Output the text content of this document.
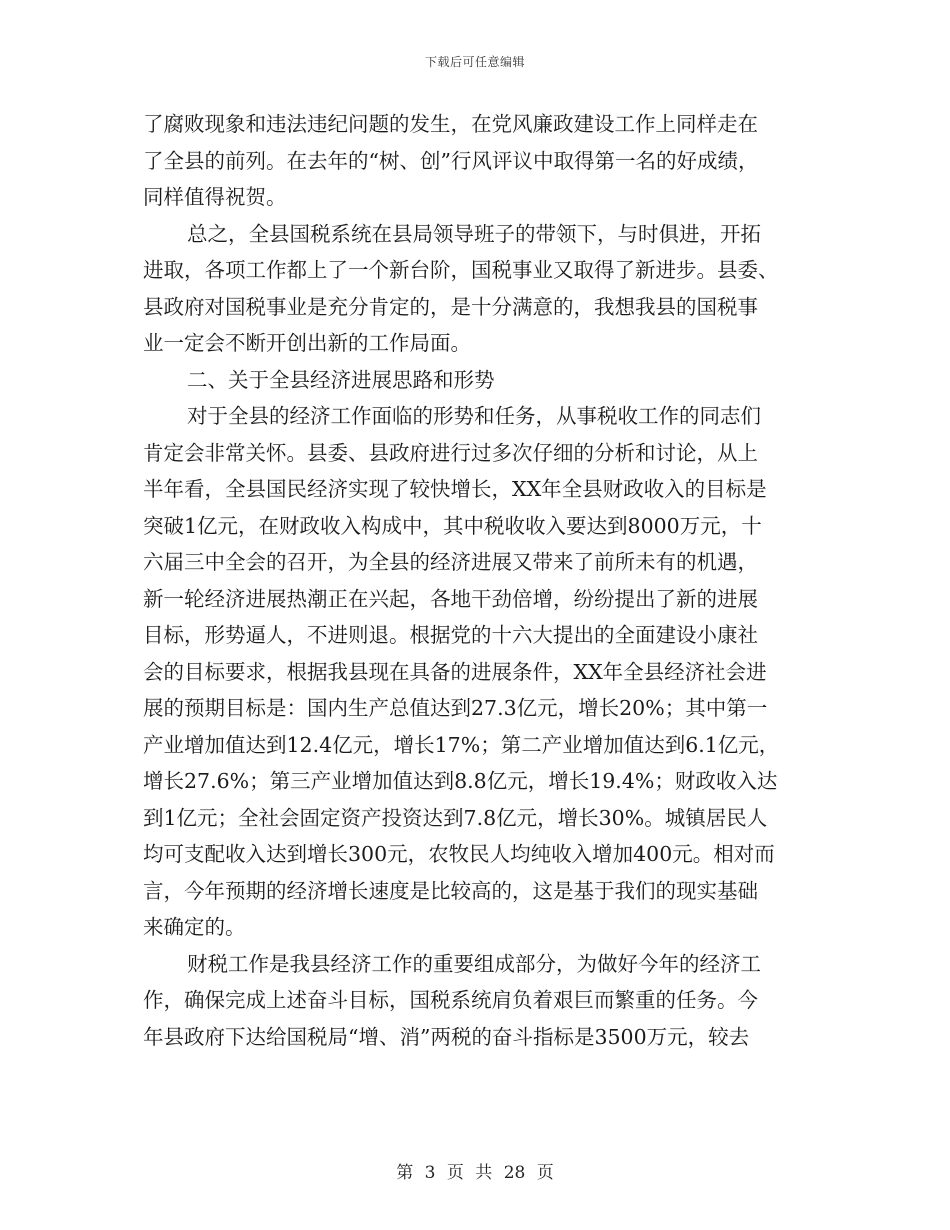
下载后可任意编辑
了腐败现象和违法违纪问题的发生，在党风廉政建设工作上同样走在
了全县的前列。在去年的“树、创”行风评议中取得第一名的好成绩，
同样值得祝贺。
总之，全县国税系统在县局领导班子的带领下，与时俱进，开拓
进取，各项工作都上了一个新台阶，国税事业又取得了新进步。县委、
县政府对国税事业是充分肯定的，是十分满意的，我想我县的国税事
业一定会不断开创出新的工作局面。
二、关于全县经济进展思路和形势
对于全县的经济工作面临的形势和任务，从事税收工作的同志们
肯定会非常关怀。县委、县政府进行过多次仔细的分析和讨论，从上
半年看，全县国民经济实现了较快增长，XX年全县财政收入的目标是
突破1亿元，在财政收入构成中，其中税收收入要达到8000万元，十
六届三中全会的召开，为全县的经济进展又带来了前所未有的机遇，
新一轮经济进展热潮正在兴起，各地干劲倍增，纷纷提出了新的进展
目标，形势逼人，不进则退。根据党的十六大提出的全面建设小康社
会的目标要求，根据我县现在具备的进展条件，XX年全县经济社会进
展的预期目标是：国内生产总值达到27.3亿元，增长20%；其中第一
产业增加值达到12.4亿元，增长17%；第二产业增加值达到6.1亿元，
增长27.6%；第三产业增加值达到8.8亿元，增长19.4%；财政收入达
到1亿元；全社会固定资产投资达到7.8亿元，增长30%。城镇居民人
均可支配收入达到增长300元，农牧民人均纯收入增加400元。相对而
言，今年预期的经济增长速度是比较高的，这是基于我们的现实基础
来确定的。
财税工作是我县经济工作的重要组成部分，为做好今年的经济工
作，确保完成上述奋斗目标，国税系统肩负着艰巨而繁重的任务。今
年县政府下达给国税局“增、消”两税的奋斗指标是3500万元，较去
第 3 页 共 28 页
